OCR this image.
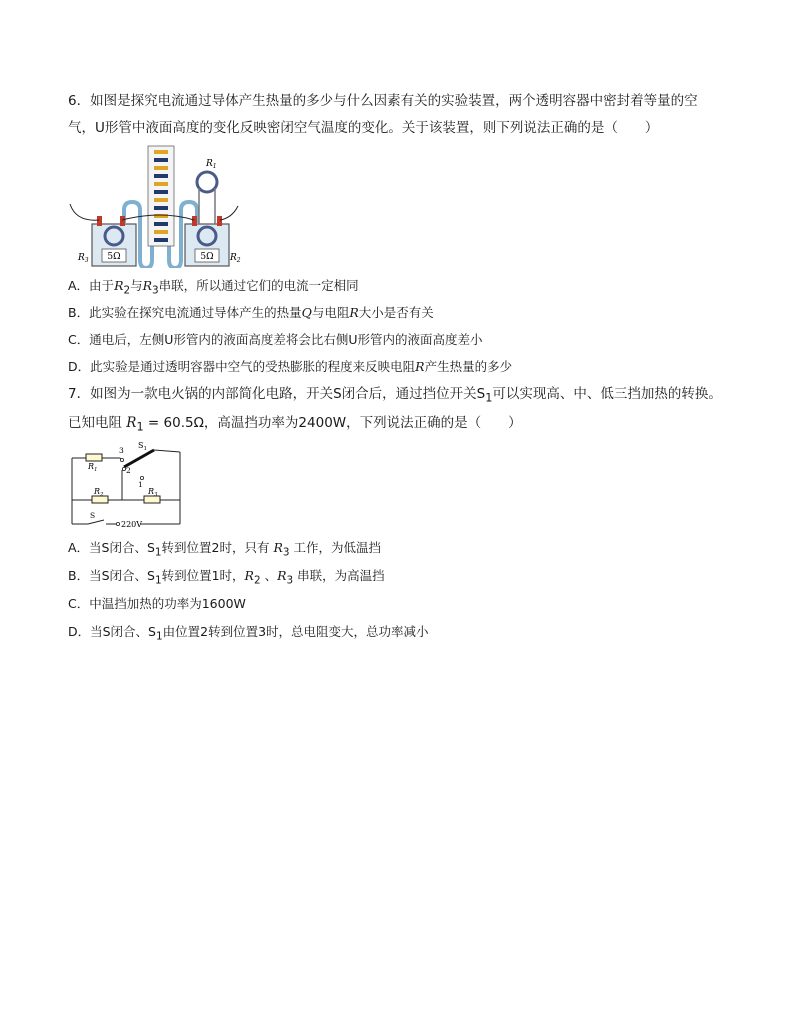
6．如图是探究电流通过导体产生热量的多少与什么因素有关的实验装置，两个透明容器中密封着等量的空
气，U形管中液面高度的变化反映密闭空气温度的变化。关于该装置，则下列说法正确的是（　　）
5Ω	5Ω
$R_1$
$R_3$	$R_2$
A．由于$R_2$与$R_3$串联，所以通过它们的电流一定相同
B．此实验在探究电流通过导体产生的热量Q与电阻R大小是否有关
C．通电后，左侧U形管内的液面高度差将会比右侧U形管内的液面高度差小
D．此实验是通过透明容器中空气的受热膨胀的程度来反映电阻R产生热量的多少
7．如图为一款电火锅的内部简化电路，开关S闭合后，通过挡位开关$S_1$可以实现高、中、低三挡加热的转换。
已知电阻 $R_1 = 60.5\Omega$，高温挡功率为2400W，下列说法正确的是（　　）
$R_1$
$R_2$	$R_3$
$S_1$
3
2
1
S
220V
A．当S闭合、$S_1$转到位置2时，只有 $R_3$ 工作，为低温挡
B．当S闭合、$S_1$转到位置1时，$R_2$ 、$R_3$ 串联，为高温挡
C．中温挡加热的功率为1600W
D．当S闭合、$S_1$由位置2转到位置3时，总电阻变大，总功率减小
